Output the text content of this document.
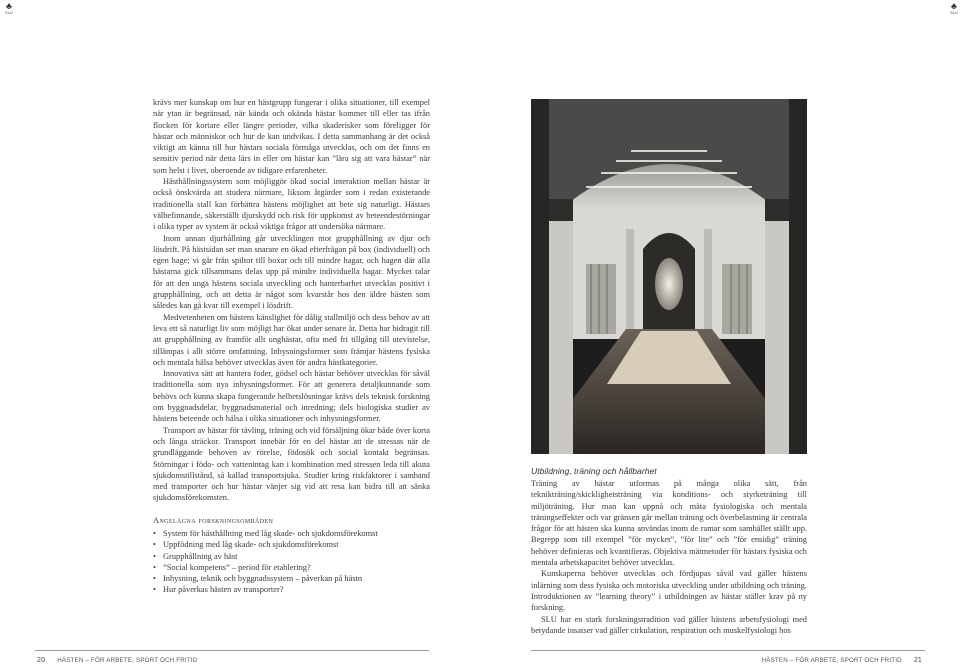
♣
SLU
♣
SLU

krävs mer kunskap om hur en hästgrupp fungerar i olika situationer, till exempel när ytan är begränsad, när kända och okända hästar kommer till eller tas ifrån flocken för kortare eller längre perioder, vilka skaderisker som föreligger för hästar och människor och hur de kan undvikas. I detta sammanhang är det också viktigt att känna till hur hästars sociala förmåga utvecklas, och om det finns en sensitiv period när detta lärs in eller om hästar kan ”lära sig att vara hästar” när som helst i livet, oberoende av tidigare erfarenheter.

Hästhållningssystem som möjliggör ökad social interaktion mellan hästar är också önskvärda att studera närmare, liksom åtgärder som i redan existerande traditionella stall kan förbättra hästens möjlighet att bete sig naturligt. Hästars välbefinnande, säkerställt djurskydd och risk för uppkomst av beteendestörningar i olika typer av system är också viktiga frågor att undersöka närmare.

Inom annan djurhållning går utvecklingen mot grupphållning av djur och lösdrift. På hästsidan ser man snarare en ökad efterfrågan på box (individuell) och egen hage; vi går från spiltor till boxar och till mindre hagar, och hagen där alla hästarna gick tillsammans delas upp på mindre individuella hagar. Mycket talar för att den unga hästens sociala utveckling och hanterbarhet utvecklas positivt i grupphållning, och att detta är något som kvarstår hos den äldre hästen som således kan gå kvar till exempel i lösdrift.

Medvetenheten om hästens känslighet för dålig stallmiljö och dess behov av att leva ett så naturligt liv som möjligt har ökat under senare år. Detta har bidragit till att grupphållning av framför allt unghästar, ofta med fri tillgång till utevistelse, tillämpas i allt större omfattning. Inhysningsformer som främjar hästens fysiska och mentala hälsa behöver utvecklas även för andra hästkategorier.

Innovativa sätt att hantera foder, gödsel och hästar behöver utvecklas för såväl traditionella som nya inhysningsformer. För att generera detaljkunnande som behövs och kunna skapa fungerande helhetslösningar krävs dels teknisk forskning om byggnadsdelar, byggnadsmaterial och inredning; dels biologiska studier av hästens beteende och hälsa i olika situationer och inhysningsformer.

Transport av hästar för tävling, träning och vid försäljning ökar både över korta och långa sträckor. Transport innebär för en del hästar att de stressas när de grundläggande behoven av rörelse, födosök och social kontakt begränsas. Störningar i födo- och vattenintag kan i kombination med stressen leda till akuta sjukdomstillstånd, så kallad transportsjuka. Studier kring riskfaktorer i samband med transporter och hur hästar vänjer sig vid att resa kan bidra till att sänka sjukdomsförekomsten.

Angelägna forskningsområden
• System för hästhållning med låg skade- och sjukdomsförekomst
• Uppfödning med låg skade- och sjukdomsförekomst
• Grupphållning av häst
• ”Social kompetens” – period för etablering?
• Inhysning, teknik och byggnadssystem – påverkan på hästn
• Hur påverkas hästen av transporter?
Utbildning, träning och hållbarhet

Träning av hästar utformas på många olika sätt, från teknikträning/skicklighetsträning via konditions- och styrketräning till miljöträning. Hur man kan uppnå och mäta fysiologiska och mentala träningseffekter och var gränsen går mellan träning och överbelastning är centrala frågor för att hästen ska kunna användas inom de ramar som samhället ställt upp. Begrepp som till exempel ”för mycket”, ”för lite” och ”för ensidig” träning behöver definieras och kvantifieras. Objektiva mätmetoder för hästars fysiska och mentala arbetskapacitet behöver utvecklas.

Kunskaperna behöver utvecklas och fördjupas såväl vad gäller hästens inlärning som dess fysiska och motoriska utveckling under utbildning och träning. Introduktionen av ”learning theory” i utbildningen av hästar ställer krav på ny forskning.

SLU har en stark forskningstradition vad gäller hästens arbetsfysiologi med betydande insatser vad gäller cirkulation, respiration och muskelfysiologi hos

20 HÄSTEN – FÖR ARBETE, SPORT OCH FRITID	HÄSTEN – FÖR ARBETE, SPORT OCH FRITID 21
